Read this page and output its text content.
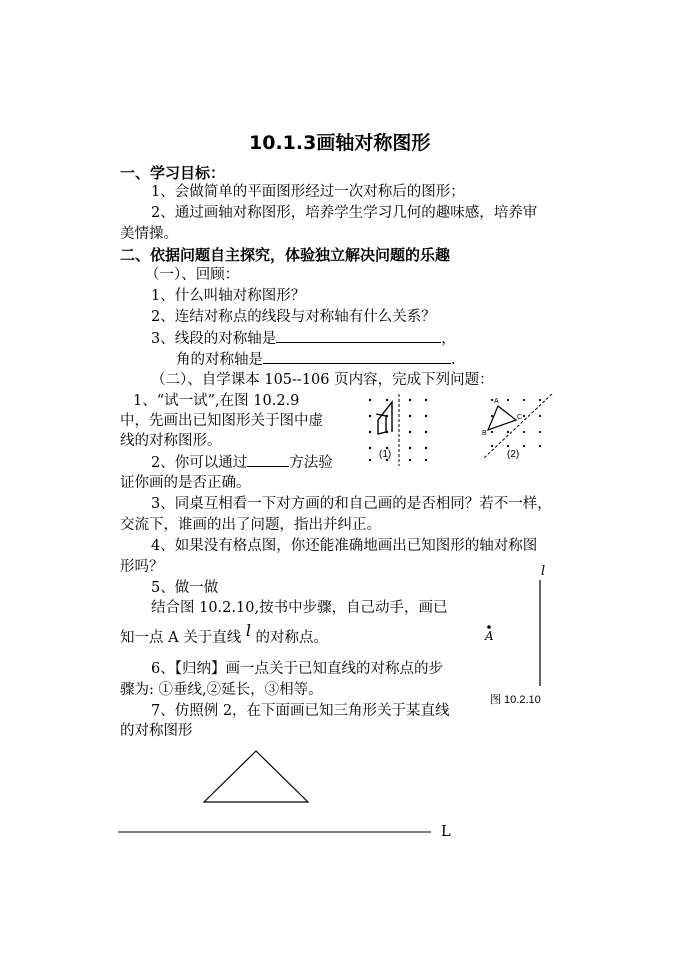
10.1.3画轴对称图形
一、学习目标：
1、会做简单的平面图形经过一次对称后的图形；
2、通过画轴对称图形，培养学生学习几何的趣味感，培养审
美情操。
二、依据问题自主探究，体验独立解决问题的乐趣
（一）、回顾：
1、什么叫轴对称图形？
2、连结对称点的线段与对称轴有什么关系？
3、线段的对称轴是	，
角的对称轴是	.
（二）、自学课本 105--106 页内容，完成下列问题：
1、“试一试”,在图 10.2.9
中，先画出已知图形关于图中虚
线的对称图形。
2、你可以通过	方法验
证你画的是否正确。
3、同桌互相看一下对方画的和自己画的是否相同？若不一样，
交流下，谁画的出了问题，指出并纠正。
4、如果没有格点图，你还能准确地画出已知图形的轴对称图
形吗？
5、做一做
结合图 10.2.10,按书中步骤，自己动手，画已
知一点 A 关于直线 l 的对称点。
6、【归纳】画一点关于已知直线的对称点的步
骤为: ①垂线,②延长，③相等。
7、仿照例 2，在下面画已知三角形关于某直线
的对称图形
(1)
A
B
C
(2)
l
A
图 10.2.10
L
